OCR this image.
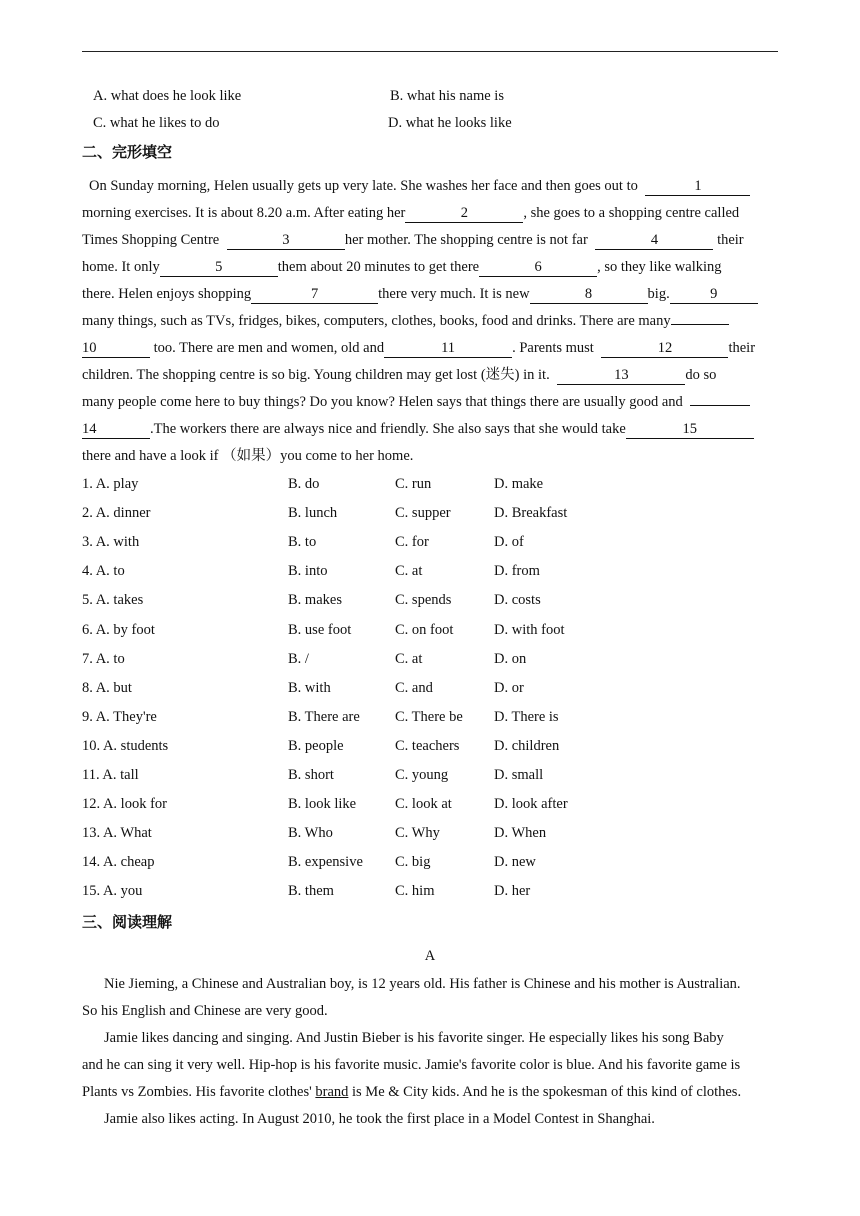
A. what does he look like	B. what his name is
C. what he likes to do	D. what he looks like
二、完形填空
On Sunday morning, Helen usually gets up very late. She washes her face and then goes out to	1
morning exercises. It is about 8.20 a.m. After eating her	2	, she goes to a shopping centre called
Times Shopping Centre	3	her mother. The shopping centre is not far	4	their
home. It only	5	them about 20 minutes to get there	6	, so they like walking
there. Helen enjoys shopping	7	there very much. It is new	8	big.	9
many things, such as TVs, fridges, bikes, computers, clothes, books, food and drinks. There are many
10	too. There are men and women, old and	11	. Parents must	12	their
children. The shopping centre is so big. Young children may get lost (迷失) in it.	13	do so
many people come here to buy things? Do you know? Helen says that things there are usually good and
14	.The workers there are always nice and friendly. She also says that she would take	15
there and have a look if （如果）you come to her home.
1. A. play	B. do	C. run	D. make
2. A. dinner	B. lunch	C. supper	D. Breakfast
3. A. with	B. to	C. for	D. of
4. A. to	B. into	C. at	D. from
5. A. takes	B. makes	C. spends	D. costs
6. A. by foot	B. use foot	C. on foot	D. with foot
7. A. to	B. /	C. at	D. on
8. A. but	B. with	C. and	D. or
9. A. They're	B. There are C. There be D. There is
10. A. students	B. people	C. teachers D. children
11. A. tall	B. short	C. young	D. small
12. A. look for	B. look like	C. look at	D. look after
13. A. What	B. Who	C. Why	D. When
14. A. cheap	B. expensive C. big	D. new
15. A. you	B. them	C. him	D. her
三、阅读理解
A
Nie Jieming, a Chinese and Australian boy, is 12 years old. His father is Chinese and his mother is Australian.
So his English and Chinese are very good.
Jamie likes dancing and singing. And Justin Bieber is his favorite singer. He especially likes his song Baby
and he can sing it very well. Hip-hop is his favorite music. Jamie's favorite color is blue. And his favorite game is
Plants vs Zombies. His favorite clothes' brand is Me & City kids. And he is the spokesman of this kind of clothes.
Jamie also likes acting. In August 2010, he took the first place in a Model Contest in Shanghai.
